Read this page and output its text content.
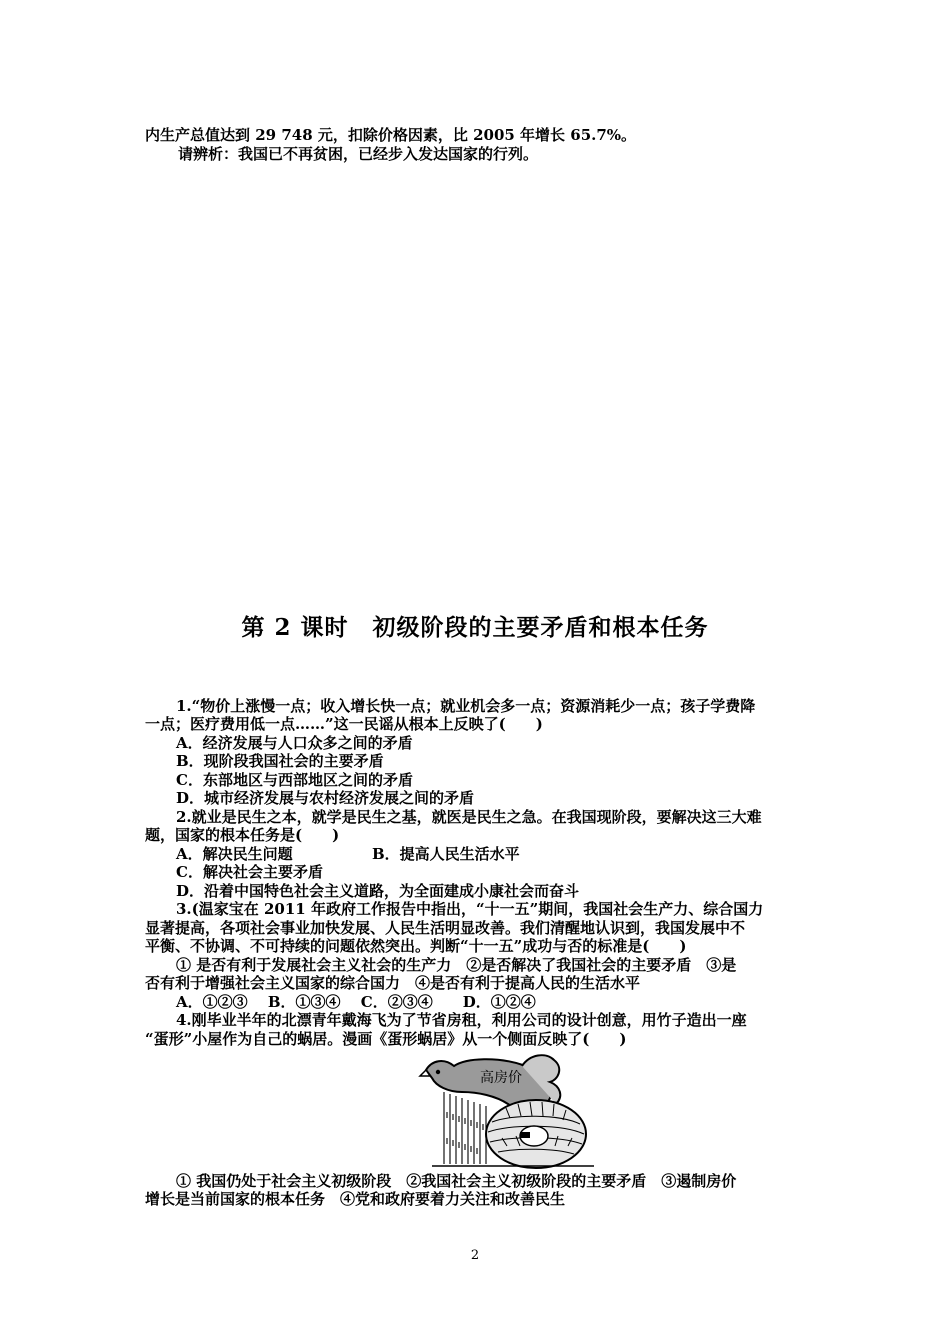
内生产总值达到 29 748 元，扣除价格因素，比 2005 年增长 65.7%。
请辨析：我国已不再贫困，已经步入发达国家的行列。
第 2 课时　初级阶段的主要矛盾和根本任务
1.“物价上涨慢一点；收入增长快一点；就业机会多一点；资源消耗少一点；孩子学费降
一点；医疗费用低一点……”这一民谣从根本上反映了(　　)
A．经济发展与人口众多之间的矛盾
B．现阶段我国社会的主要矛盾
C．东部地区与西部地区之间的矛盾
D．城市经济发展与农村经济发展之间的矛盾
2.就业是民生之本，就学是民生之基，就医是民生之急。在我国现阶段，要解决这三大难
题，国家的根本任务是(　　)
A．解决民生问题	B．提高人民生活水平
C．解决社会主要矛盾
D．沿着中国特色社会主义道路，为全面建成小康社会而奋斗
3.(温家宝在 2011 年政府工作报告中指出，“十一五”期间，我国社会生产力、综合国力
显著提高，各项社会事业加快发展、人民生活明显改善。我们清醒地认识到，我国发展中不
平衡、不协调、不可持续的问题依然突出。判断“十一五”成功与否的标准是(　　)
① 是否有利于发展社会主义社会的生产力　②是否解决了我国社会的主要矛盾　③是
否有利于增强社会主义国家的综合国力　④是否有利于提高人民的生活水平
A．①②③　 B．①③④　 C．②③④　　D．①②④
4.刚毕业半年的北漂青年戴海飞为了节省房租，利用公司的设计创意，用竹子造出一座
“蛋形”小屋作为自己的蜗居。漫画《蛋形蜗居》从一个侧面反映了(　　)
高房价
① 我国仍处于社会主义初级阶段　②我国社会主义初级阶段的主要矛盾　③遏制房价
增长是当前国家的根本任务　④党和政府要着力关注和改善民生
2
